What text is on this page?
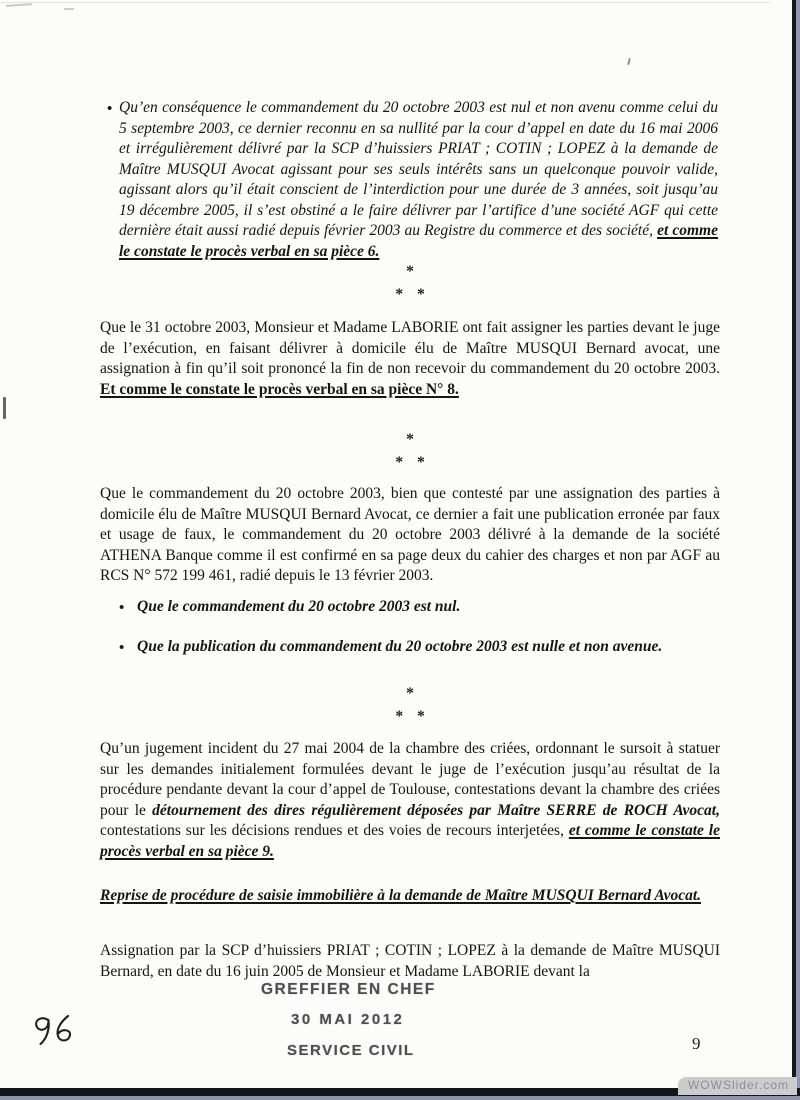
• Qu’en conséquence le commandement du 20 octobre 2003 est nul et non avenu comme celui du 5 septembre 2003, ce dernier reconnu en sa nullité par la cour d’appel en date du 16 mai 2006 et irrégulièrement délivré par la SCP d’huissiers PRIAT ; COTIN ; LOPEZ à la demande de Maître MUSQUI Avocat agissant pour ses seuls intérêts sans un quelconque pouvoir valide, agissant alors qu’il était conscient de l’interdiction pour une durée de 3 années, soit jusqu’au 19 décembre 2005, il s’est obstiné a le faire délivrer par l’artifice d’une société AGF qui cette dernière était aussi radié depuis février 2003 au Registre du commerce et des société, et comme le constate le procès verbal en sa pièce 6.
*
* *
Que le 31 octobre 2003, Monsieur et Madame LABORIE ont fait assigner les parties devant le juge de l’exécution, en faisant délivrer à domicile élu de Maître MUSQUI Bernard avocat, une assignation à fin qu’il soit prononcé la fin de non recevoir du commandement du 20 octobre 2003. Et comme le constate le procès verbal en sa pièce N° 8.
*
* *
Que le commandement du 20 octobre 2003, bien que contesté par une assignation des parties à domicile élu de Maître MUSQUI Bernard Avocat, ce dernier a fait une publication erronée par faux et usage de faux, le commandement du 20 octobre 2003 délivré à la demande de la société ATHENA Banque comme il est confirmé en sa page deux du cahier des charges et non par AGF au RCS N° 572 199 461, radié depuis le 13 février 2003.
• Que le commandement du 20 octobre 2003 est nul.
• Que la publication du commandement du 20 octobre 2003 est nulle et non avenue.
*
* *
Qu’un jugement incident du 27 mai 2004 de la chambre des criées, ordonnant le sursoit à statuer sur les demandes initialement formulées devant le juge de l’exécution jusqu’au résultat de la procédure pendante devant la cour d’appel de Toulouse, contestations devant la chambre des criées pour le détournement des dires régulièrement déposées par Maître SERRE de ROCH Avocat, contestations sur les décisions rendues et des voies de recours interjetées, et comme le constate le procès verbal en sa pièce 9.
Reprise de procédure de saisie immobilière à la demande de Maître MUSQUI Bernard Avocat.
Assignation par la SCP d’huissiers PRIAT ; COTIN ; LOPEZ à la demande de Maître MUSQUI Bernard, en date du 16 juin 2005 de Monsieur et Madame LABORIE devant la
GREFFIER EN CHEF
30 MAI 2012
SERVICE CIVIL	9
WOWSlider.com
